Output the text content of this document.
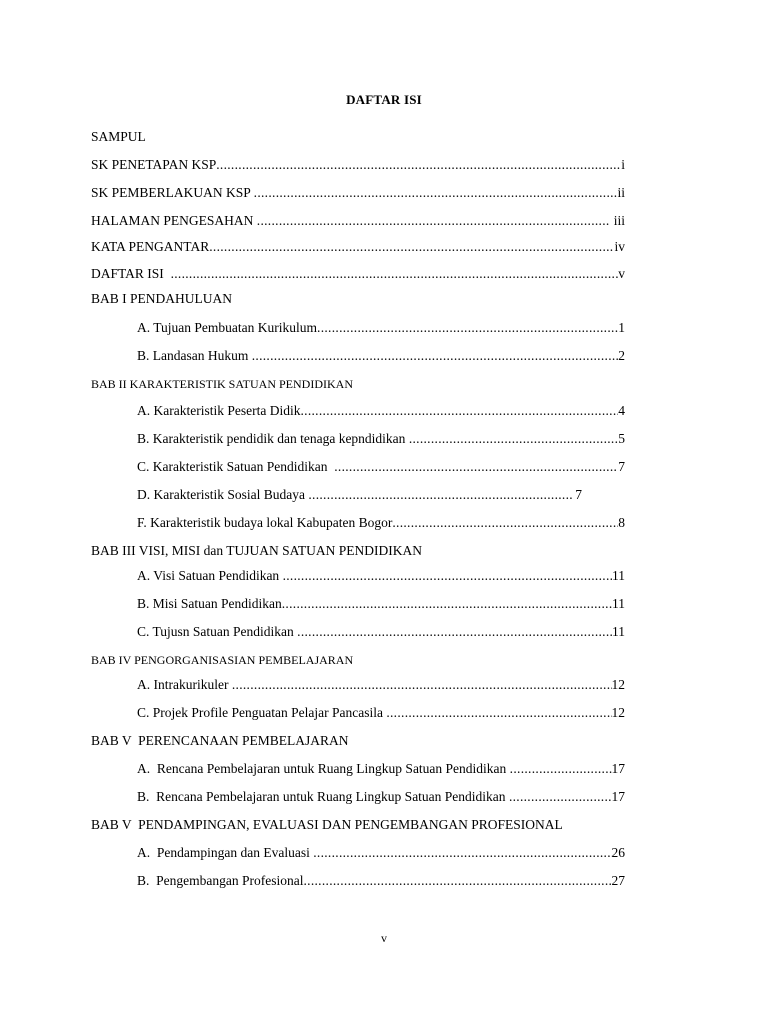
DAFTAR ISI
SAMPUL
SK PENETAPAN KSP .....	i
SK PEMBERLAKUAN KSP .....	ii
HALAMAN PENGESAHAN .....	iii
KATA PENGANTAR .....	iv
DAFTAR ISI .....	v
BAB I PENDAHULUAN
A. Tujuan Pembuatan Kurikulum .....	1
B. Landasan Hukum .....	2
BAB II KARAKTERISTIK SATUAN PENDIDIKAN
A. Karakteristik Peserta Didik .....	4
B. Karakteristik pendidik dan tenaga kepndidikan .....	5
C. Karakteristik Satuan Pendidikan .....	7
D. Karakteristik Sosial Budaya .....	7
F. Karakteristik budaya lokal Kabupaten Bogor .....	8
BAB III VISI, MISI dan TUJUAN SATUAN PENDIDIKAN
A. Visi Satuan Pendidikan .....	11
B. Misi Satuan Pendidikan .....	11
C. Tujusn Satuan Pendidikan .....	11
BAB IV PENGORGANISASIAN PEMBELAJARAN
A. Intrakurikuler .....	12
C. Projek Profile Penguatan Pelajar Pancasila .....	12
BAB V  PERENCANAAN PEMBELAJARAN
A.  Rencana Pembelajaran untuk Ruang Lingkup Satuan Pendidikan .....	17
B.  Rencana Pembelajaran untuk Ruang Lingkup Satuan Pendidikan .....	17
BAB V  PENDAMPINGAN, EVALUASI DAN PENGEMBANGAN PROFESIONAL
A.  Pendampingan dan Evaluasi .....	26
B.  Pengembangan Profesional .....	27
v
